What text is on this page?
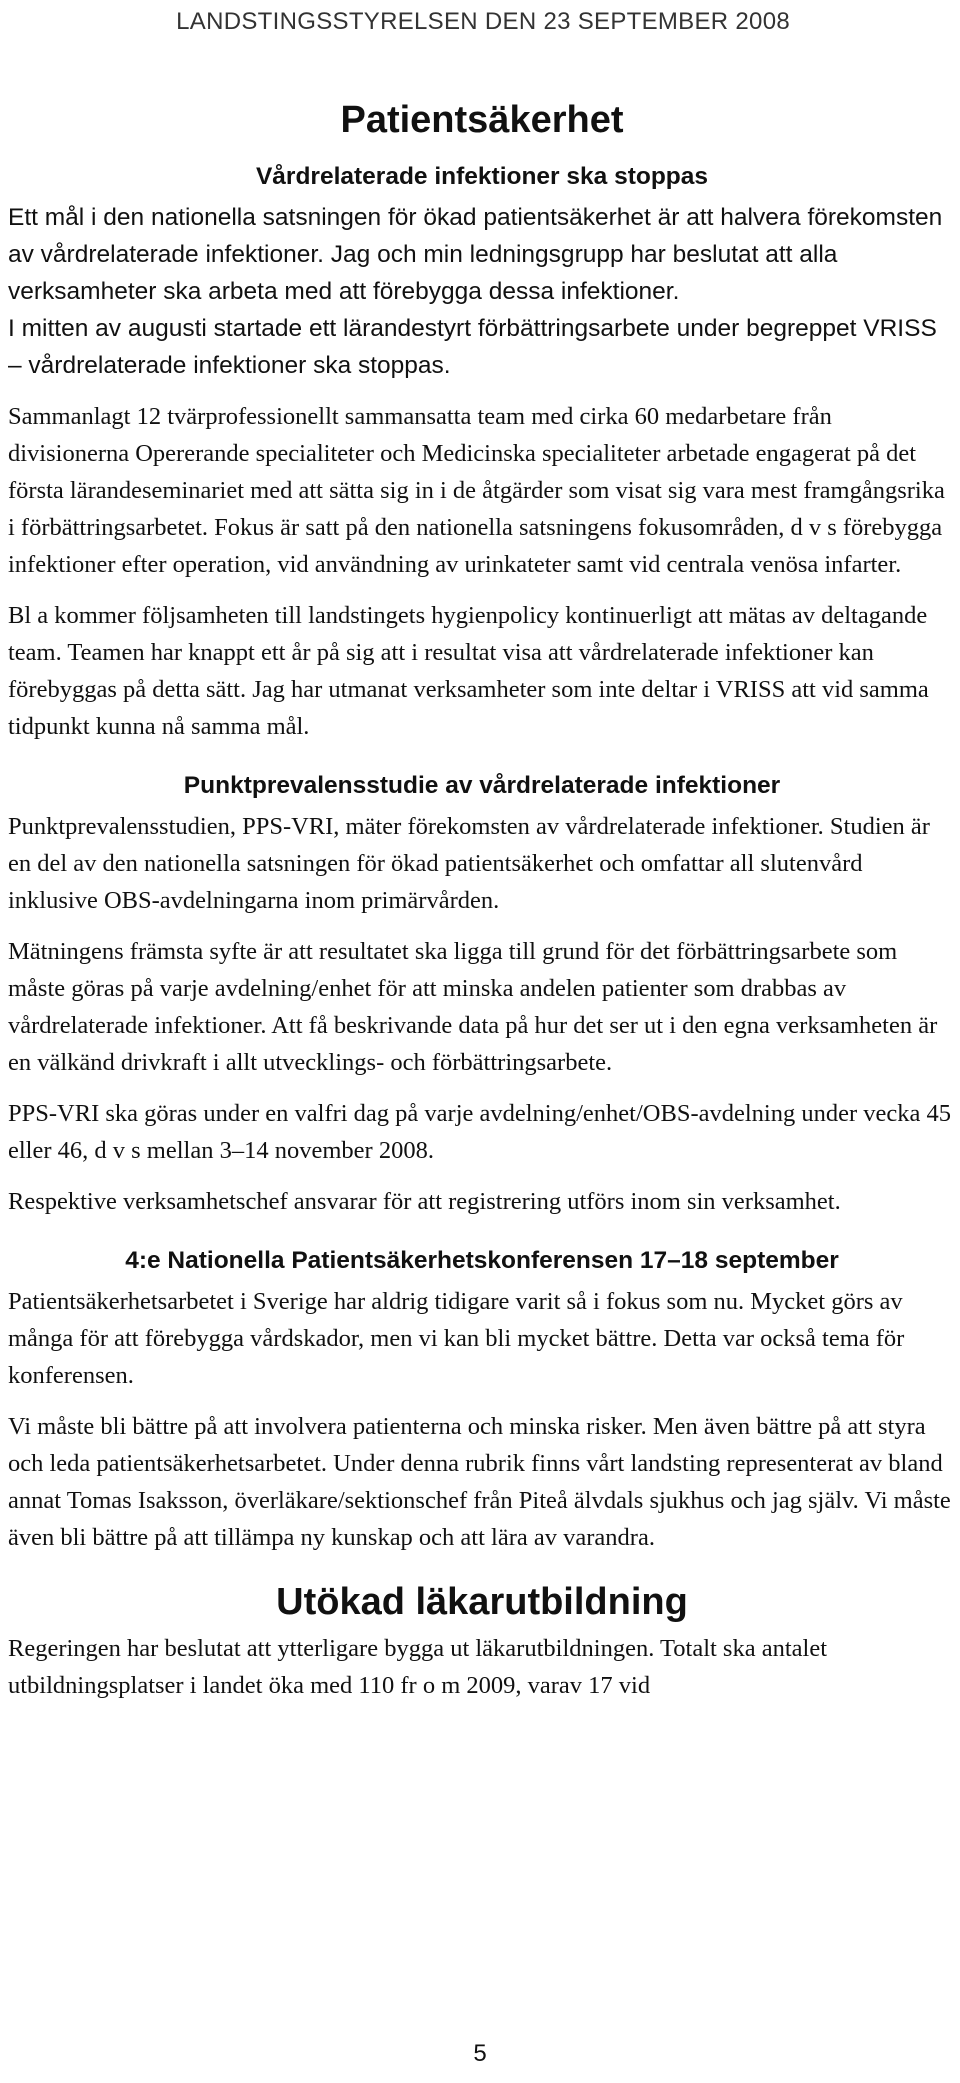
LANDSTINGSSTYRELSEN DEN 23 SEPTEMBER 2008
Patientsäkerhet
Vårdrelaterade infektioner ska stoppas

Ett mål i den nationella satsningen för ökad patientsäkerhet är att halvera förekomsten av vårdrelaterade infektioner. Jag och min ledningsgrupp har beslutat att alla verksamheter ska arbeta med att förebygga dessa infektioner.

I mitten av augusti startade ett lärandestyrt förbättringsarbete under begreppet VRISS – vårdrelaterade infektioner ska stoppas.

Sammanlagt 12 tvärprofessionellt sammansatta team med cirka 60 medarbetare från divisionerna Opererande specialiteter och Medicinska specialiteter arbetade engagerat på det första lärandeseminariet med att sätta sig in i de åtgärder som visat sig vara mest framgångsrika i förbättringsarbetet. Fokus är satt på den nationella satsningens fokusområden, d v s förebygga infektioner efter operation, vid användning av urinkateter samt vid centrala venösa infarter.

Bl a kommer följsamheten till landstingets hygienpolicy kontinuerligt att mätas av deltagande team. Teamen har knappt ett år på sig att i resultat visa att vårdrelaterade infektioner kan förebyggas på detta sätt. Jag har utmanat verksamheter som inte deltar i VRISS att vid samma tidpunkt kunna nå samma mål.

Punktprevalensstudie av vårdrelaterade infektioner

Punktprevalensstudien, PPS-VRI, mäter förekomsten av vårdrelaterade infektioner. Studien är en del av den nationella satsningen för ökad patientsäkerhet och omfattar all slutenvård inklusive OBS-avdelningarna inom primärvården.

Mätningens främsta syfte är att resultatet ska ligga till grund för det förbättringsarbete som måste göras på varje avdelning/enhet för att minska andelen patienter som drabbas av vårdrelaterade infektioner. Att få beskrivande data på hur det ser ut i den egna verksamheten är en välkänd drivkraft i allt utvecklings- och förbättringsarbete.

PPS-VRI ska göras under en valfri dag på varje avdelning/enhet/OBS-avdelning under vecka 45 eller 46, d v s mellan 3–14 november 2008.

Respektive verksamhetschef ansvarar för att registrering utförs inom sin verksamhet.

4:e Nationella Patientsäkerhetskonferensen 17–18 september

Patientsäkerhetsarbetet i Sverige har aldrig tidigare varit så i fokus som nu. Mycket görs av många för att förebygga vårdskador, men vi kan bli mycket bättre. Detta var också tema för konferensen.

Vi måste bli bättre på att involvera patienterna och minska risker. Men även bättre på att styra och leda patientsäkerhetsarbetet. Under denna rubrik finns vårt landsting representerat av bland annat Tomas Isaksson, överläkare/sektionschef från Piteå älvdals sjukhus och jag själv. Vi måste även bli bättre på att tillämpa ny kunskap och att lära av varandra.

Utökad läkarutbildning

Regeringen har beslutat att ytterligare bygga ut läkarutbildningen. Totalt ska antalet utbildningsplatser i landet öka med 110 fr o m 2009, varav 17 vid

5
